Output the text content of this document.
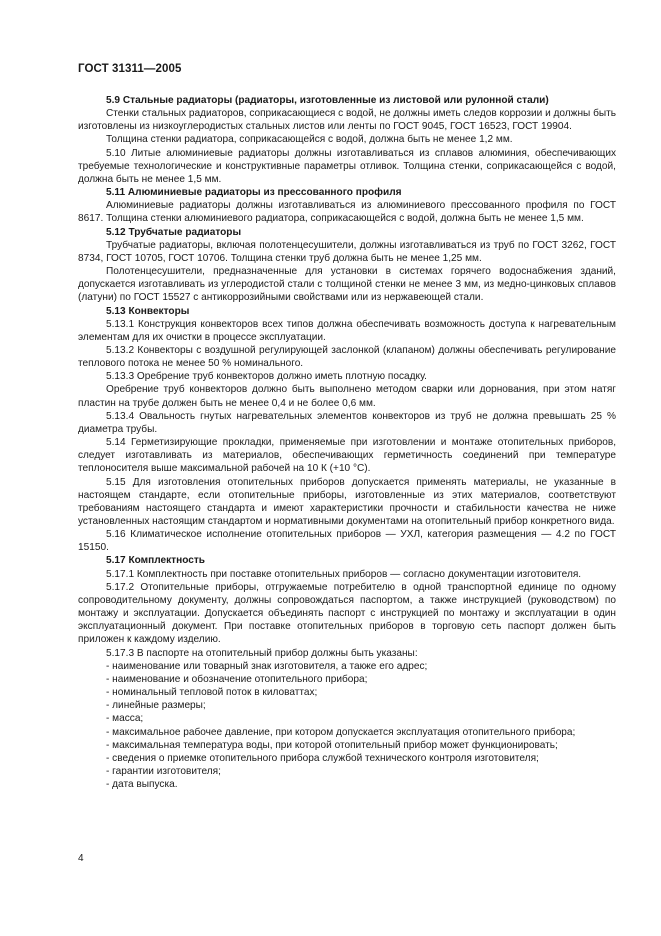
ГОСТ 31311—2005

5.9 Стальные радиаторы (радиаторы, изготовленные из листовой или рулонной стали)

Стенки стальных радиаторов, соприкасающиеся с водой, не должны иметь следов коррозии и должны быть изготовлены из низкоуглеродистых стальных листов или ленты по ГОСТ 9045, ГОСТ 16523, ГОСТ 19904.

Толщина стенки радиатора, соприкасающейся с водой, должна быть не менее 1,2 мм.

5.10 Литые алюминиевые радиаторы должны изготавливаться из сплавов алюминия, обеспечивающих требуемые технологические и конструктивные параметры отливок. Толщина стенки, соприкасающейся с водой, должна быть не менее 1,5 мм.

5.11 Алюминиевые радиаторы из прессованного профиля

Алюминиевые радиаторы должны изготавливаться из алюминиевого прессованного профиля по ГОСТ 8617. Толщина стенки алюминиевого радиатора, соприкасающейся с водой, должна быть не менее 1,5 мм.

5.12 Трубчатые радиаторы

Трубчатые радиаторы, включая полотенцесушители, должны изготавливаться из труб по ГОСТ 3262, ГОСТ 8734, ГОСТ 10705, ГОСТ 10706. Толщина стенки труб должна быть не менее 1,25 мм.

Полотенцесушители, предназначенные для установки в системах горячего водоснабжения зданий, допускается изготавливать из углеродистой стали с толщиной стенки не менее 3 мм, из медно-цинковых сплавов (латуни) по ГОСТ 15527 с антикоррозийными свойствами или из нержавеющей стали.

5.13 Конвекторы

5.13.1 Конструкция конвекторов всех типов должна обеспечивать возможность доступа к нагревательным элементам для их очистки в процессе эксплуатации.

5.13.2 Конвекторы с воздушной регулирующей заслонкой (клапаном) должны обеспечивать регулирование теплового потока не менее 50 % номинального.

5.13.3 Оребрение труб конвекторов должно иметь плотную посадку.

Оребрение труб конвекторов должно быть выполнено методом сварки или дорнования, при этом натяг пластин на трубе должен быть не менее 0,4 и не более 0,6 мм.

5.13.4 Овальность гнутых нагревательных элементов конвекторов из труб не должна превышать 25 % диаметра трубы.

5.14 Герметизирующие прокладки, применяемые при изготовлении и монтаже отопительных приборов, следует изготавливать из материалов, обеспечивающих герметичность соединений при температуре теплоносителя выше максимальной рабочей на 10 К (+10 °С).

5.15 Для изготовления отопительных приборов допускается применять материалы, не указанные в настоящем стандарте, если отопительные приборы, изготовленные из этих материалов, соответствуют требованиям настоящего стандарта и имеют характеристики прочности и стабильности качества не ниже установленных настоящим стандартом и нормативными документами на отопительный прибор конкретного вида.

5.16 Климатическое исполнение отопительных приборов — УХЛ, категория размещения — 4.2 по ГОСТ 15150.

5.17 Комплектность

5.17.1 Комплектность при поставке отопительных приборов — согласно документации изготовителя.

5.17.2 Отопительные приборы, отгружаемые потребителю в одной транспортной единице по одному сопроводительному документу, должны сопровождаться паспортом, а также инструкцией (руководством) по монтажу и эксплуатации. Допускается объединять паспорт с инструкцией по монтажу и эксплуатации в один эксплуатационный документ. При поставке отопительных приборов в торговую сеть паспорт должен быть приложен к каждому изделию.

5.17.3 В паспорте на отопительный прибор должны быть указаны:

- наименование или товарный знак изготовителя, а также его адрес;

- наименование и обозначение отопительного прибора;

- номинальный тепловой поток в киловаттах;

- линейные размеры;

- масса;

- максимальное рабочее давление, при котором допускается эксплуатация отопительного прибора;

- максимальная температура воды, при которой отопительный прибор может функционировать;

- сведения о приемке отопительного прибора службой технического контроля изготовителя;

- гарантии изготовителя;

- дата выпуска.

4
